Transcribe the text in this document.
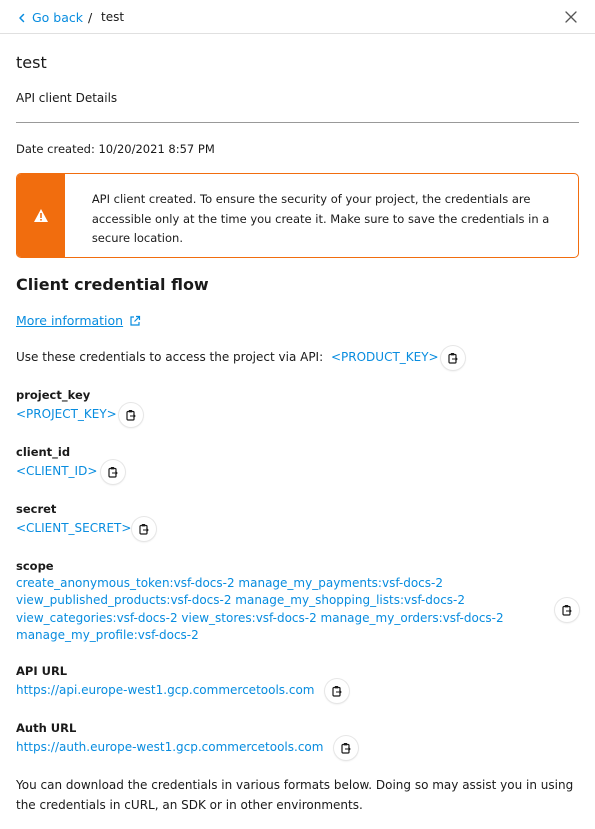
Go back / test
test
API client Details
Date created: 10/20/2021 8:57 PM
API client created. To ensure the security of your project, the credentials are accessible only at the time you create it. Make sure to save the credentials in a secure location.
Client credential flow
More information
Use these credentials to access the project via API: <PRODUCT_KEY>
project_key
<PROJECT_KEY>
client_id
<CLIENT_ID>
secret
<CLIENT_SECRET>
scope
create_anonymous_token:vsf-docs-2 manage_my_payments:vsf-docs-2
view_published_products:vsf-docs-2 manage_my_shopping_lists:vsf-docs-2
view_categories:vsf-docs-2 view_stores:vsf-docs-2 manage_my_orders:vsf-docs-2
manage_my_profile:vsf-docs-2
API URL
https://api.europe-west1.gcp.commercetools.com
Auth URL
https://auth.europe-west1.gcp.commercetools.com
You can download the credentials in various formats below. Doing so may assist you in using the credentials in cURL, an SDK or in other environments.
